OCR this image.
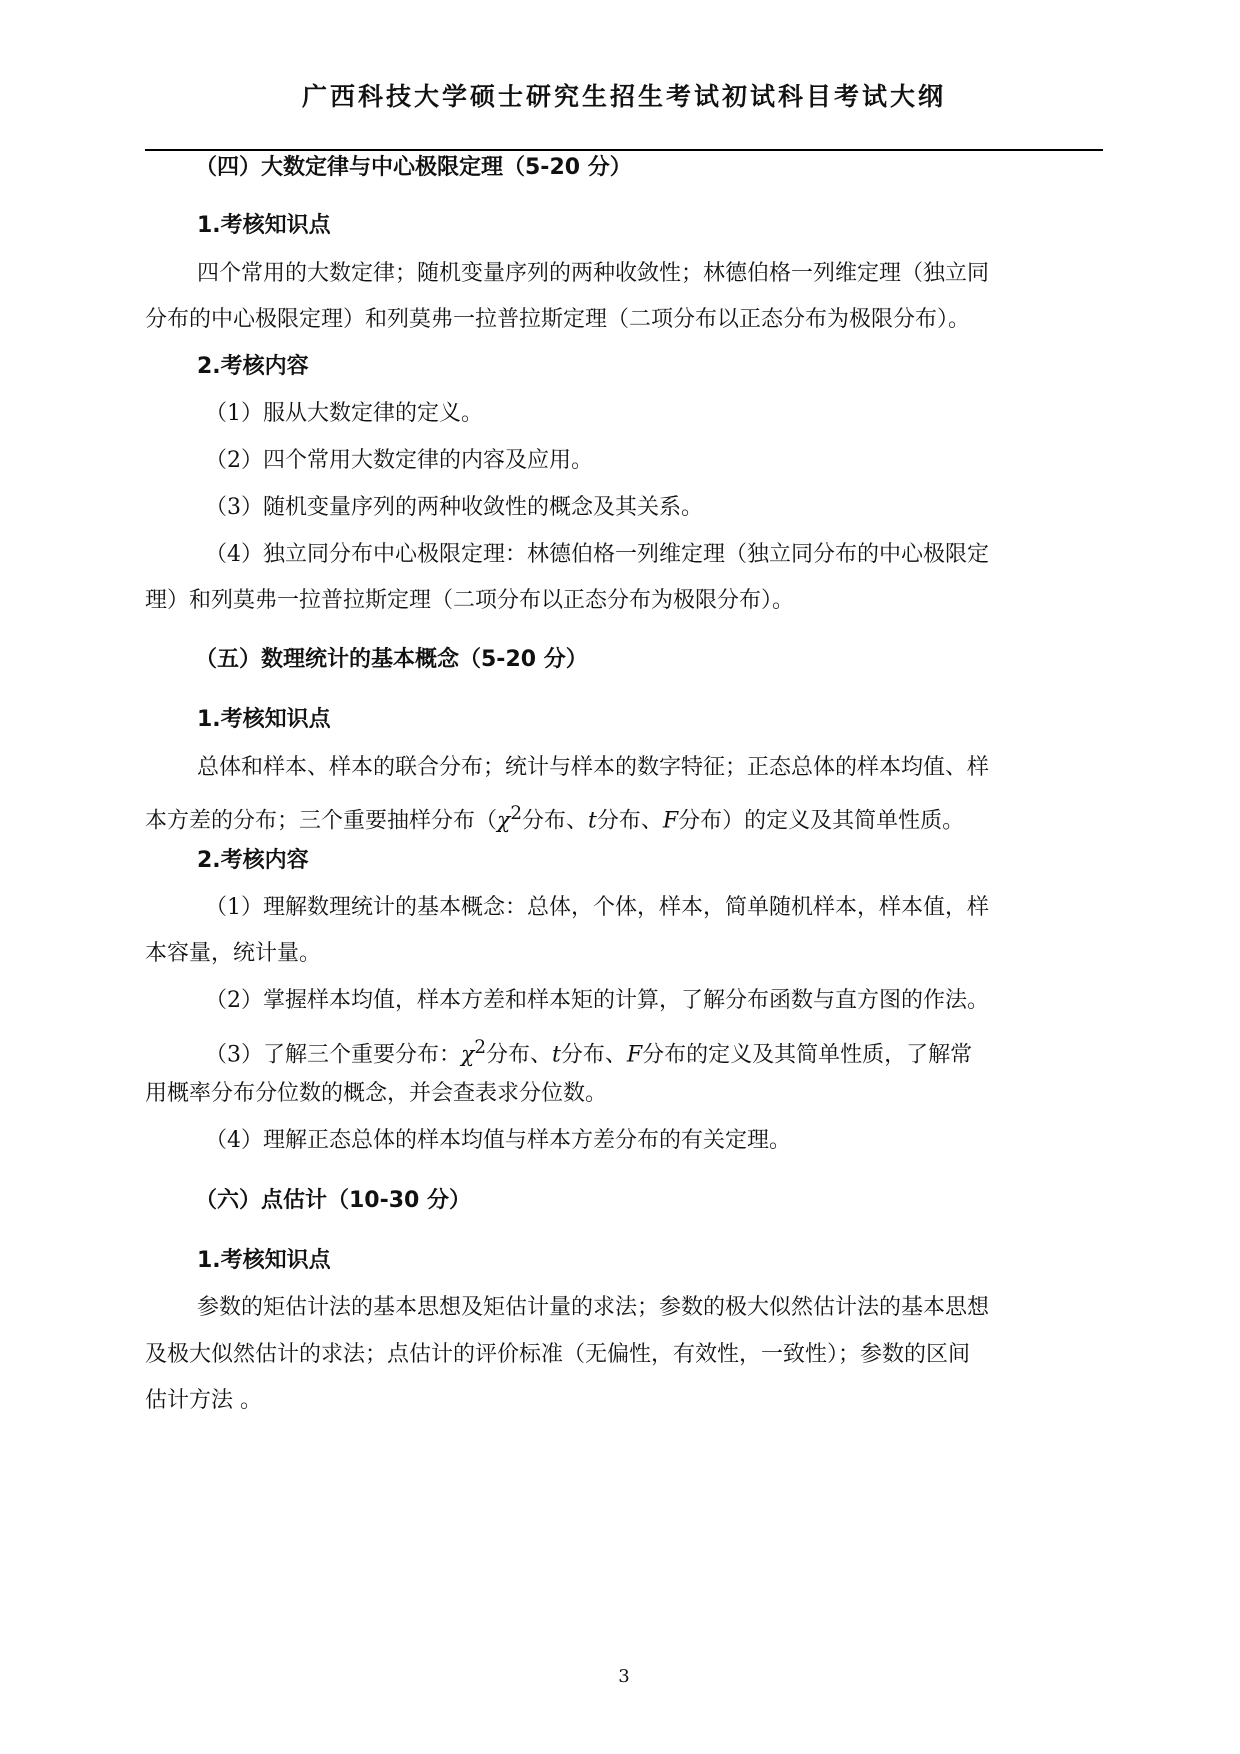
广西科技大学硕士研究生招生考试初试科目考试大纲
（四）大数定律与中心极限定理（5-20 分）
1.考核知识点
四个常用的大数定律；随机变量序列的两种收敛性；林德伯格一列维定理（独立同
分布的中心极限定理）和列莫弗一拉普拉斯定理（二项分布以正态分布为极限分布）。
2.考核内容
（1）服从大数定律的定义。
（2）四个常用大数定律的内容及应用。
（3）随机变量序列的两种收敛性的概念及其关系。
（4）独立同分布中心极限定理：林德伯格一列维定理（独立同分布的中心极限定
理）和列莫弗一拉普拉斯定理（二项分布以正态分布为极限分布）。
（五）数理统计的基本概念（5-20 分）
1.考核知识点
总体和样本、样本的联合分布；统计与样本的数字特征；正态总体的样本均值、样
本方差的分布；三个重要抽样分布（$\chi^2$分布、t分布、F分布）的定义及其简单性质。
2.考核内容
（1）理解数理统计的基本概念：总体，个体，样本，简单随机样本，样本值，样
本容量，统计量。
（2）掌握样本均值，样本方差和样本矩的计算，了解分布函数与直方图的作法。
（3）了解三个重要分布：$\chi^2$分布、t分布、F分布的定义及其简单性质，了解常
用概率分布分位数的概念，并会查表求分位数。
（4）理解正态总体的样本均值与样本方差分布的有关定理。
（六）点估计（10-30 分）
1.考核知识点
参数的矩估计法的基本思想及矩估计量的求法；参数的极大似然估计法的基本思想
及极大似然估计的求法；点估计的评价标准（无偏性，有效性，一致性）；参数的区间
估计方法 。
3
